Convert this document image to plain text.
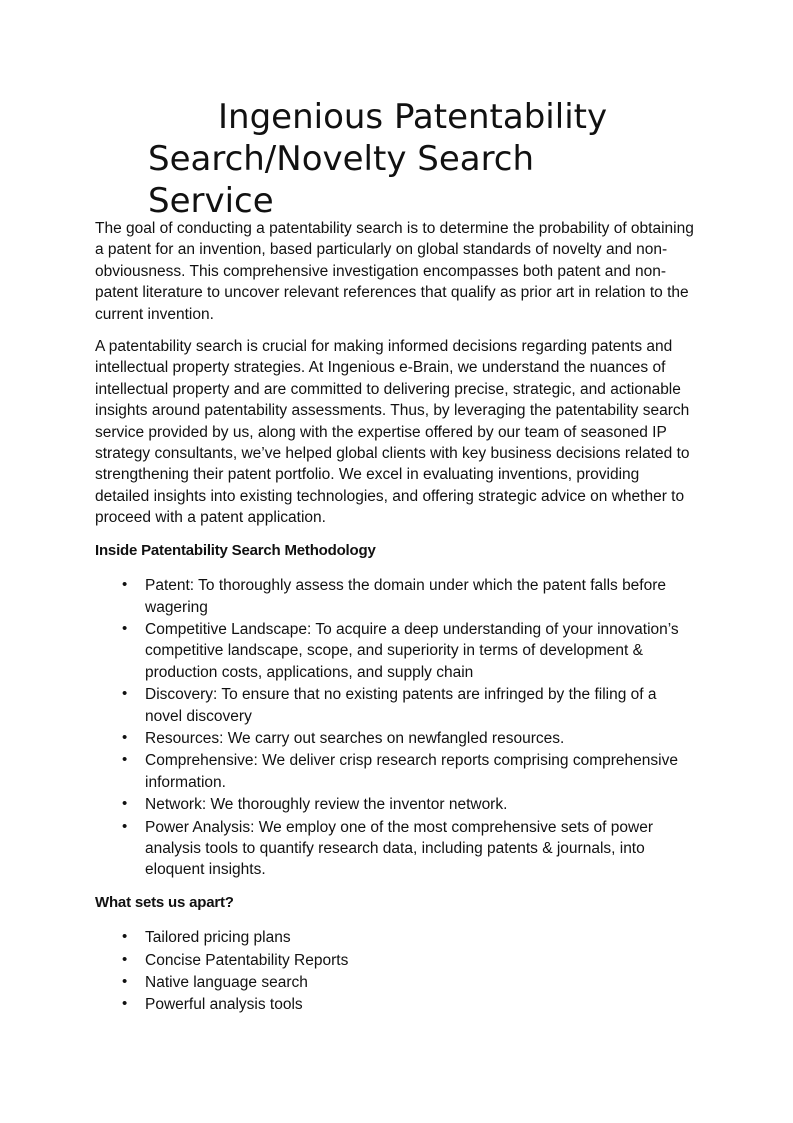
Ingenious Patentability
Search/Novelty Search
Service

The goal of conducting a patentability search is to determine the probability of obtaining a patent for an invention, based particularly on global standards of novelty and non-obviousness. This comprehensive investigation encompasses both patent and non-patent literature to uncover relevant references that qualify as prior art in relation to the current invention.

A patentability search is crucial for making informed decisions regarding patents and intellectual property strategies. At Ingenious e-Brain, we understand the nuances of intellectual property and are committed to delivering precise, strategic, and actionable insights around patentability assessments. Thus, by leveraging the patentability search service provided by us, along with the expertise offered by our team of seasoned IP strategy consultants, we’ve helped global clients with key business decisions related to strengthening their patent portfolio. We excel in evaluating inventions, providing detailed insights into existing technologies, and offering strategic advice on whether to proceed with a patent application.

Inside Patentability Search Methodology
• Patent: To thoroughly assess the domain under which the patent falls before wagering
• Competitive Landscape: To acquire a deep understanding of your innovation’s competitive landscape, scope, and superiority in terms of development & production costs, applications, and supply chain
• Discovery: To ensure that no existing patents are infringed by the filing of a novel discovery
• Resources: We carry out searches on newfangled resources.
• Comprehensive: We deliver crisp research reports comprising comprehensive information.
• Network: We thoroughly review the inventor network.
• Power Analysis: We employ one of the most comprehensive sets of power analysis tools to quantify research data, including patents & journals, into eloquent insights.
What sets us apart?
• Tailored pricing plans
• Concise Patentability Reports
• Native language search
• Powerful analysis tools
